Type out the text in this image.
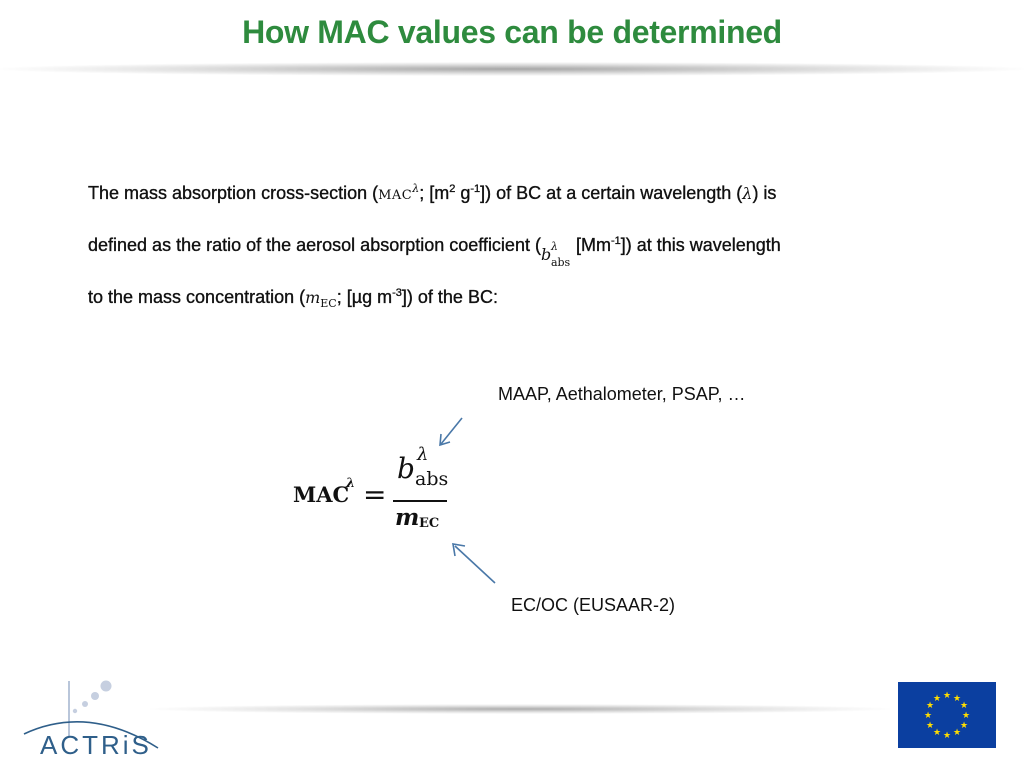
How MAC values can be determined
The mass absorption cross-section ($MAC^\lambda$; [$m^2$ $g^{-1}$]) of BC at a certain wavelength (λ) is
defined as the ratio of the aerosol absorption coefficient ( b λ
abs
$[Mm^{-1}]$) at this wavelength
to the mass concentration ($m_{EC}$; [µg $m^{-3}$]) of the BC:
MAAP, Aethalometer, PSAP, …
MAC
λ =
b λ
abs
m EC
EC/OC (EUSAAR-2)
ACTRiS
★ ★
★
★
★
★
★
★
★
★
★
★
